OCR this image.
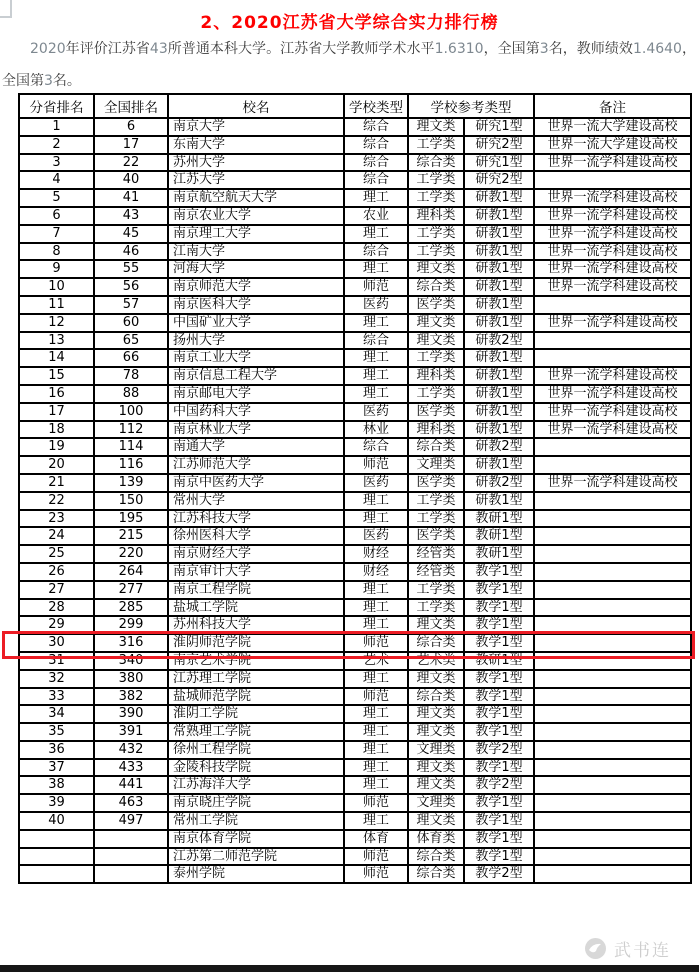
2、2020江苏省大学综合实力排行榜

2020年评价江苏省43所普通本科大学。江苏省大学教师学术水平1.6310，全国第3名，教师绩效1.4640，全国第3名。

分省排名	全国排名	校名	学校类型	学校参考类型		备注
1	6	南京大学	综合	理文类	研究1型	世界一流大学建设高校
2	17	东南大学	综合	工学类	研究2型	世界一流大学建设高校
3	22	苏州大学	综合	综合类	研究1型	世界一流学科建设高校
4	40	江苏大学	综合	工学类	研究2型	
5	41	南京航空航天大学	理工	工学类	研教1型	世界一流学科建设高校
6	43	南京农业大学	农业	理科类	研教1型	世界一流学科建设高校
7	45	南京理工大学	理工	工学类	研教1型	世界一流学科建设高校
8	46	江南大学	综合	工学类	研教1型	世界一流学科建设高校
9	55	河海大学	理工	理文类	研教1型	世界一流学科建设高校
10	56	南京师范大学	师范	综合类	研教1型	世界一流学科建设高校
11	57	南京医科大学	医药	医学类	研教1型	
12	60	中国矿业大学	理工	理文类	研教1型	世界一流学科建设高校
13	65	扬州大学	综合	理文类	研教2型	
14	66	南京工业大学	理工	工学类	研教1型	
15	78	南京信息工程大学	理工	理科类	研教1型	世界一流学科建设高校
16	88	南京邮电大学	理工	工学类	研教1型	世界一流学科建设高校
17	100	中国药科大学	医药	医学类	研教1型	世界一流学科建设高校
18	112	南京林业大学	林业	理科类	研教1型	世界一流学科建设高校
19	114	南通大学	综合	综合类	研教2型	
20	116	江苏师范大学	师范	文理类	研教1型	
21	139	南京中医药大学	医药	医学类	研教2型	世界一流学科建设高校
22	150	常州大学	理工	工学类	研教1型	
23	195	江苏科技大学	理工	工学类	教研1型	
24	215	徐州医科大学	医药	医学类	教研1型	
25	220	南京财经大学	财经	经管类	教研1型	
26	264	南京审计大学	财经	经管类	教学1型	
27	277	南京工程学院	理工	工学类	教学1型	
28	285	盐城工学院	理工	工学类	教学1型	
29	299	苏州科技大学	理工	理文类	教学1型	
30	316	淮阴师范学院	师范	综合类	教学1型	
31	340	南京艺术学院	艺术	艺术类	教研1型	
32	380	江苏理工学院	理工	理文类	教学1型	
33	382	盐城师范学院	师范	综合类	教学1型	
34	390	淮阴工学院	理工	理文类	教学1型	
35	391	常熟理工学院	理工	理文类	教学1型	
36	432	徐州工程学院	理工	文理类	教学2型	
37	433	金陵科技学院	理工	理文类	教学1型	
38	441	江苏海洋大学	理工	理文类	教学2型	
39	463	南京晓庄学院	师范	文理类	教学1型	
40	497	常州工学院	理工	理文类	教学1型	
		南京体育学院	体育	体育类	教学1型	
		江苏第二师范学院	师范	综合类	教学1型	
		泰州学院	师范	综合类	教学2型	
武书连
